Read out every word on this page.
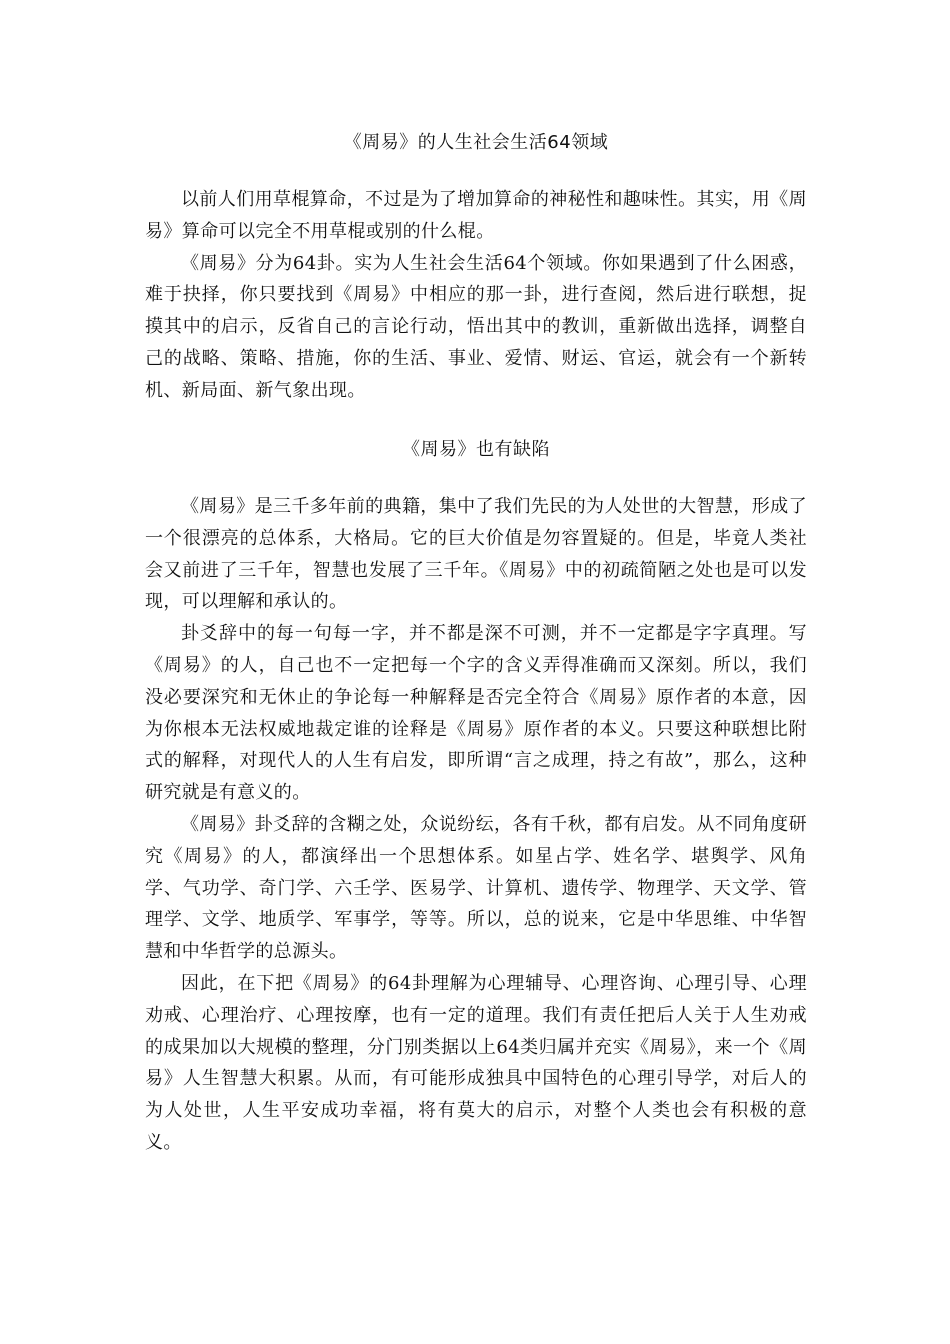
《周易》的人生社会生活64领域

以前人们用草棍算命，不过是为了增加算命的神秘性和趣味性。其实，用《周易》算命可以完全不用草棍或别的什么棍。

《周易》分为64卦。实为人生社会生活64个领域。你如果遇到了什么困惑，难于抉择，你只要找到《周易》中相应的那一卦，进行查阅，然后进行联想，捉摸其中的启示，反省自己的言论行动，悟出其中的教训，重新做出选择，调整自己的战略、策略、措施，你的生活、事业、爱情、财运、官运，就会有一个新转机、新局面、新气象出现。

《周易》也有缺陷

《周易》是三千多年前的典籍，集中了我们先民的为人处世的大智慧，形成了一个很漂亮的总体系，大格局。它的巨大价值是勿容置疑的。但是，毕竟人类社会又前进了三千年，智慧也发展了三千年。《周易》中的初疏简陋之处也是可以发现，可以理解和承认的。

卦爻辞中的每一句每一字，并不都是深不可测，并不一定都是字字真理。写《周易》的人，自己也不一定把每一个字的含义弄得准确而又深刻。所以，我们没必要深究和无休止的争论每一种解释是否完全符合《周易》原作者的本意，因为你根本无法权威地裁定谁的诠释是《周易》原作者的本义。只要这种联想比附式的解释，对现代人的人生有启发，即所谓“言之成理，持之有故”，那么，这种研究就是有意义的。

《周易》卦爻辞的含糊之处，众说纷纭，各有千秋，都有启发。从不同角度研究《周易》的人，都演绎出一个思想体系。如星占学、姓名学、堪舆学、风角学、气功学、奇门学、六壬学、医易学、计算机、遗传学、物理学、天文学、管理学、文学、地质学、军事学，等等。所以，总的说来，它是中华思维、中华智慧和中华哲学的总源头。

因此，在下把《周易》的64卦理解为心理辅导、心理咨询、心理引导、心理劝戒、心理治疗、心理按摩，也有一定的道理。我们有责任把后人关于人生劝戒的成果加以大规模的整理，分门别类据以上64类归属并充实《周易》，来一个《周易》人生智慧大积累。从而，有可能形成独具中国特色的心理引导学，对后人的为人处世，人生平安成功幸福，将有莫大的启示，对整个人类也会有积极的意义。
